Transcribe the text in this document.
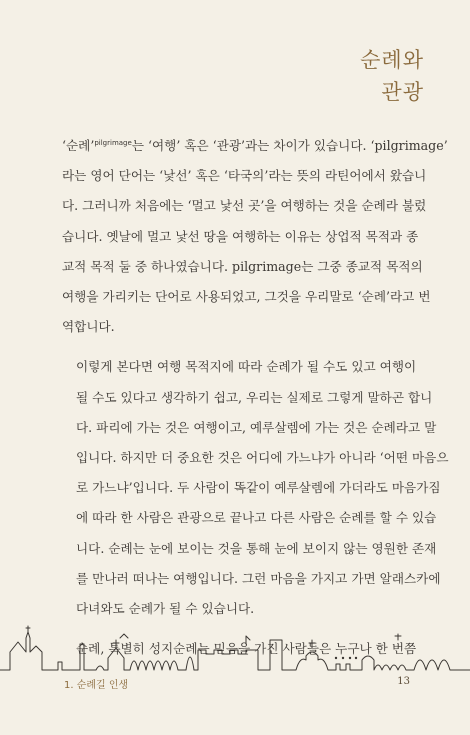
순례와
관광

‘순례’$^{pilgrimage}$는 ‘여행’ 혹은 ‘관광’과는 차이가 있습니다. ‘pilgrimage’
라는 영어 단어는 ‘낯선’ 혹은 ‘타국의’라는 뜻의 라틴어에서 왔습니
다. 그러니까 처음에는 ‘멀고 낯선 곳’을 여행하는 것을 순례라 불렀
습니다. 옛날에 멀고 낯선 땅을 여행하는 이유는 상업적 목적과 종
교적 목적 둘 중 하나였습니다. pilgrimage는 그중 종교적 목적의
여행을 가리키는 단어로 사용되었고, 그것을 우리말로 ‘순례’라고 번
역합니다.

이렇게 본다면 여행 목적지에 따라 순례가 될 수도 있고 여행이
될 수도 있다고 생각하기 쉽고, 우리는 실제로 그렇게 말하곤 합니
다. 파리에 가는 것은 여행이고, 예루살렘에 가는 것은 순례라고 말
입니다. 하지만 더 중요한 것은 어디에 가느냐가 아니라 ‘어떤 마음으
로 가느냐’입니다. 두 사람이 똑같이 예루살렘에 가더라도 마음가짐
에 따라 한 사람은 관광으로 끝나고 다른 사람은 순례를 할 수 있습
니다. 순례는 눈에 보이는 것을 통해 눈에 보이지 않는 영원한 존재
를 만나러 떠나는 여행입니다. 그런 마음을 가지고 가면 알래스카에
다녀와도 순례가 될 수 있습니다.

순례, 특별히 성지순례는 믿음을 가진 사람들은 누구나 한 번쯤

1. 순례길 인생	13
